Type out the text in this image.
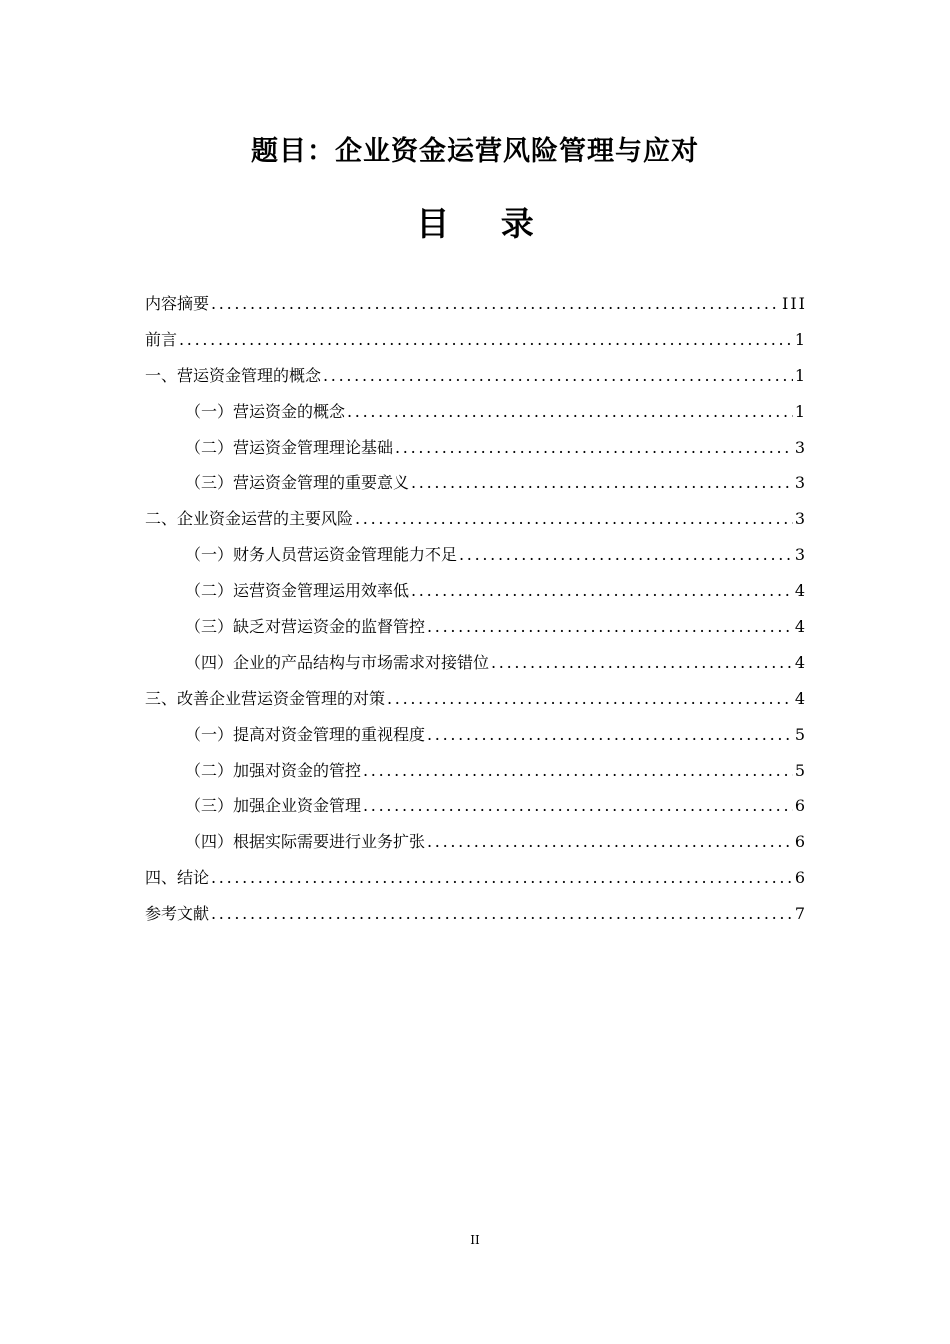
题目：企业资金运营风险管理与应对
目 录
内容摘要 .....	III
前言 .....	1
一、营运资金管理的概念 .....	1
（一）营运资金的概念 .....	1
（二）营运资金管理理论基础 .....	3
（三）营运资金管理的重要意义 .....	3
二、企业资金运营的主要风险 .....	3
（一）财务人员营运资金管理能力不足 .....	3
（二）运营资金管理运用效率低 .....	4
（三）缺乏对营运资金的监督管控 .....	4
（四）企业的产品结构与市场需求对接错位 .....	4
三、改善企业营运资金管理的对策 .....	4
（一）提高对资金管理的重视程度 .....	5
（二）加强对资金的管控 .....	5
（三）加强企业资金管理 .....	6
（四）根据实际需要进行业务扩张 .....	6
四、结论 .....	6
参考文献 .....	7
II
